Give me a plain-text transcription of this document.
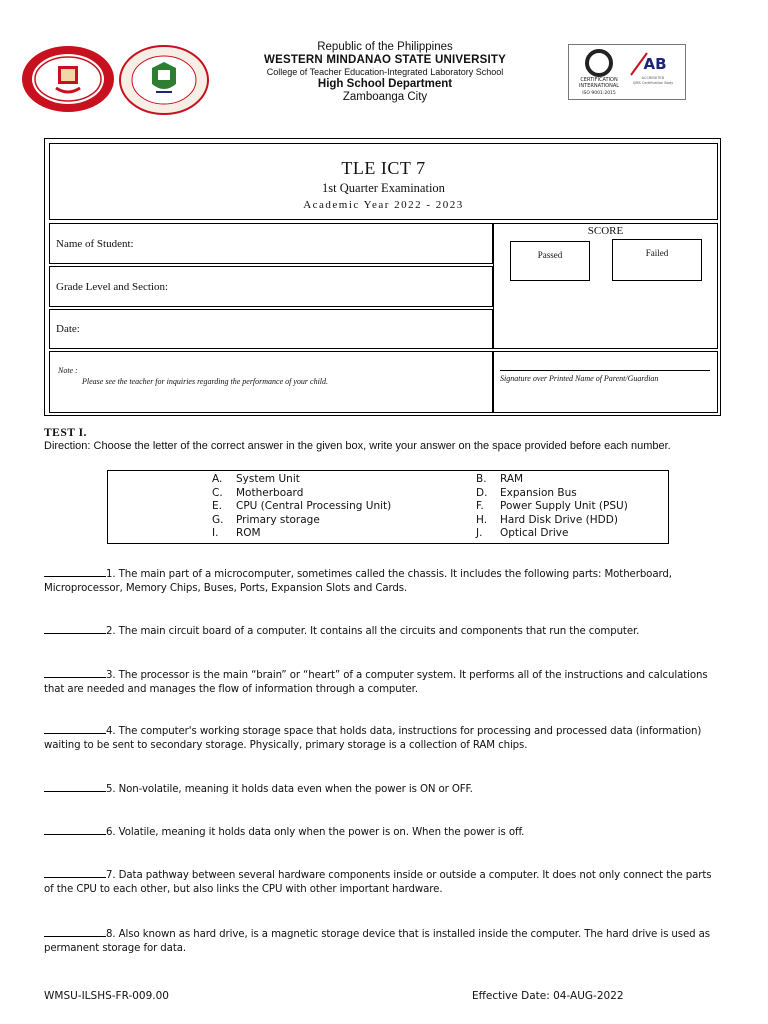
Republic of the Philippines
WESTERN MINDANAO STATE UNIVERSITY
College of Teacher Education-Integrated Laboratory School
High School Department
Zamboanga City
CERTIFICATION
INTERNATIONAL
ISO 9001:2015
AB
ACCREDITED
QMS Certification Body
TLE ICT 7
1st Quarter Examination
Academic Year 2022 - 2023
Name of Student:
Grade Level and Section:
Date:
SCORE
Passed	Failed
Note :
Please see the teacher for inquiries regarding the performance of your child.	Signature over Printed Name of Parent/Guardian
TEST I.
Direction: Choose the letter of the correct answer in the given box, write your answer on the space provided before each number.
A. System Unit	B. RAM
C. Motherboard	D. Expansion Bus
E. CPU (Central Processing Unit)	F. Power Supply Unit (PSU)
G. Primary storage	H. Hard Disk Drive (HDD)
I. ROM	J. Optical Drive
1. The main part of a microcomputer, sometimes called the chassis. It includes the following parts: Motherboard, Microprocessor, Memory Chips, Buses, Ports, Expansion Slots and Cards.
2. The main circuit board of a computer. It contains all the circuits and components that run the computer.
3. The processor is the main “brain” or “heart” of a computer system. It performs all of the instructions and calculations that are needed and manages the flow of information through a computer.
4. The computer's working storage space that holds data, instructions for processing and processed data (information) waiting to be sent to secondary storage. Physically, primary storage is a collection of RAM chips.
5. Non-volatile, meaning it holds data even when the power is ON or OFF.
6. Volatile, meaning it holds data only when the power is on. When the power is off.
7. Data pathway between several hardware components inside or outside a computer. It does not only connect the parts of the CPU to each other, but also links the CPU with other important hardware.
8. Also known as hard drive, is a magnetic storage device that is installed inside the computer. The hard drive is used as permanent storage for data.
WMSU-ILSHS-FR-009.00	Effective Date: 04-AUG-2022
